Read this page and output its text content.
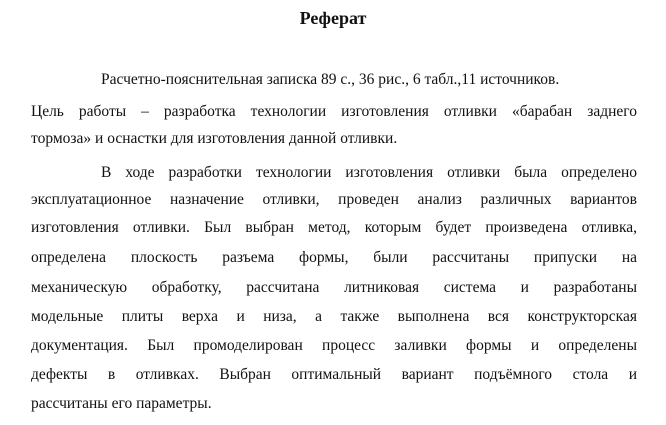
Реферат
Расчетно-пояснительная записка 89 с., 36 рис., 6 табл.,11 источников.
Цель работы – разработка технологии изготовления отливки «барабан заднего
тормоза» и оснастки для изготовления данной отливки.
В ходе разработки технологии изготовления отливки была определено
эксплуатационное назначение отливки, проведен анализ различных вариантов
изготовления отливки. Был выбран метод, которым будет произведена отливка,
определена плоскость разъема формы, были рассчитаны припуски на
механическую обработку, рассчитана литниковая система и разработаны
модельные плиты верха и низа, а также выполнена вся конструкторская
документация. Был промоделирован процесс заливки формы и определены
дефекты в отливках. Выбран оптимальный вариант подъёмного стола и
рассчитаны его параметры.
